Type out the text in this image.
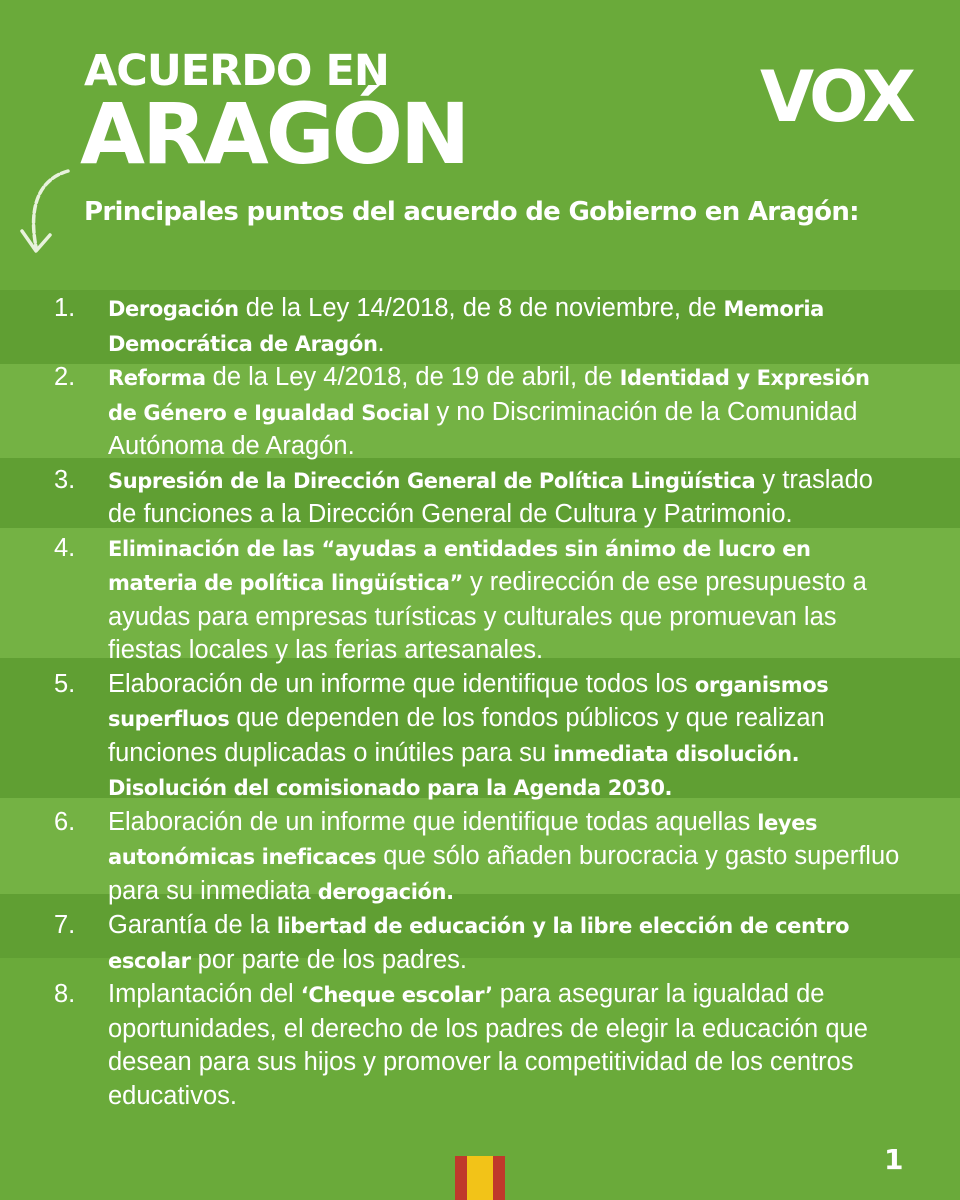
ACUERDO EN
ARAGÓN	VOX
Principales puntos del acuerdo de Gobierno en Aragón:
1. Derogación de la Ley 14/2018, de 8 de noviembre, de Memoria Democrática de Aragón.
2. Reforma de la Ley 4/2018, de 19 de abril, de Identidad y Expresión de Género e Igualdad Social y no Discriminación de la Comunidad Autónoma de Aragón.
3. Supresión de la Dirección General de Política Lingüística y traslado de funciones a la Dirección General de Cultura y Patrimonio.
4. Eliminación de las “ayudas a entidades sin ánimo de lucro en materia de política lingüística” y redirección de ese presupuesto a ayudas para empresas turísticas y culturales que promuevan las fiestas locales y las ferias artesanales.
5. Elaboración de un informe que identifique todos los organismos superfluos que dependen de los fondos públicos y que realizan funciones duplicadas o inútiles para su inmediata disolución. Disolución del comisionado para la Agenda 2030.
6. Elaboración de un informe que identifique todas aquellas leyes autonómicas ineficaces que sólo añaden burocracia y gasto superfluo para su inmediata derogación.
7. Garantía de la libertad de educación y la libre elección de centro escolar por parte de los padres.
8. Implantación del ‘Cheque escolar’ para asegurar la igualdad de oportunidades, el derecho de los padres de elegir la educación que desean para sus hijos y promover la competitividad de los centros educativos.
1
